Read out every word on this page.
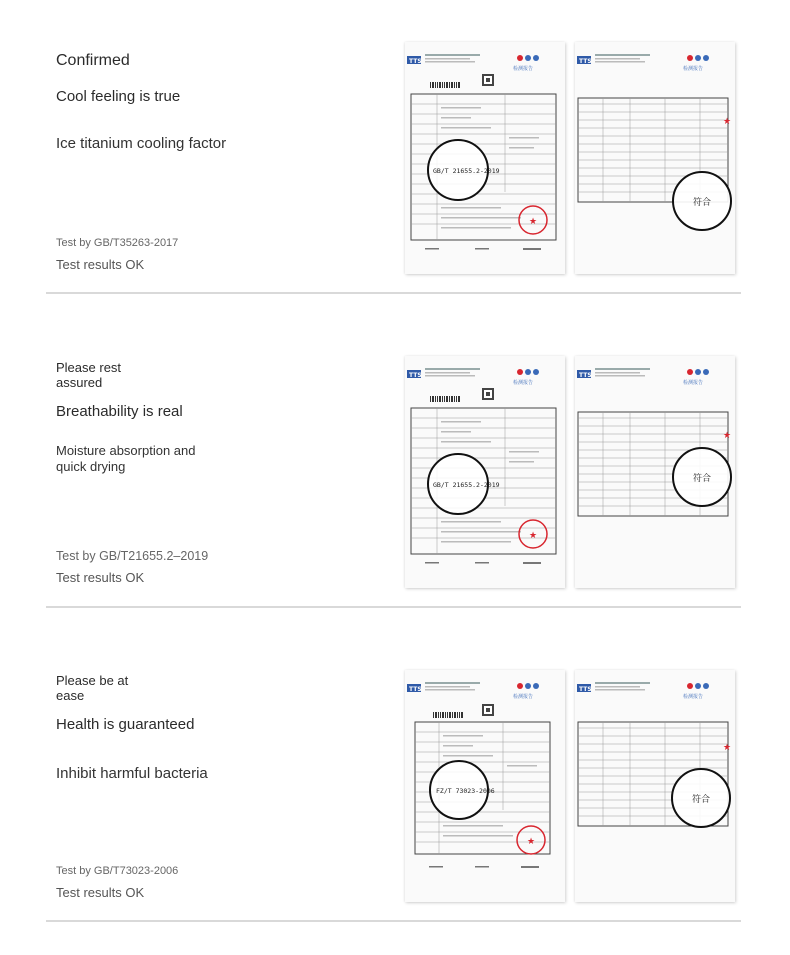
Confirmed

Cool feeling is true

Ice titanium cooling factor

Test by GB/T35263-2017

Test results OK

TTS
检测报告
GB/T 21655.2-2019
★
TTS
检测报告
符合
★

Please rest assured

Breathability is real

Moisture absorption and quick drying

Test by GB/T21655.2–2019

Test results OK

TTS
检测报告
GB/T 21655.2-2019
★
TTS
检测报告
符合
★

Please be at ease

Health is guaranteed

Inhibit harmful bacteria

Test by GB/T73023-2006

Test results OK

TTS
检测报告
FZ/T 73023-2006
★
TTS
检测报告
符合
★
